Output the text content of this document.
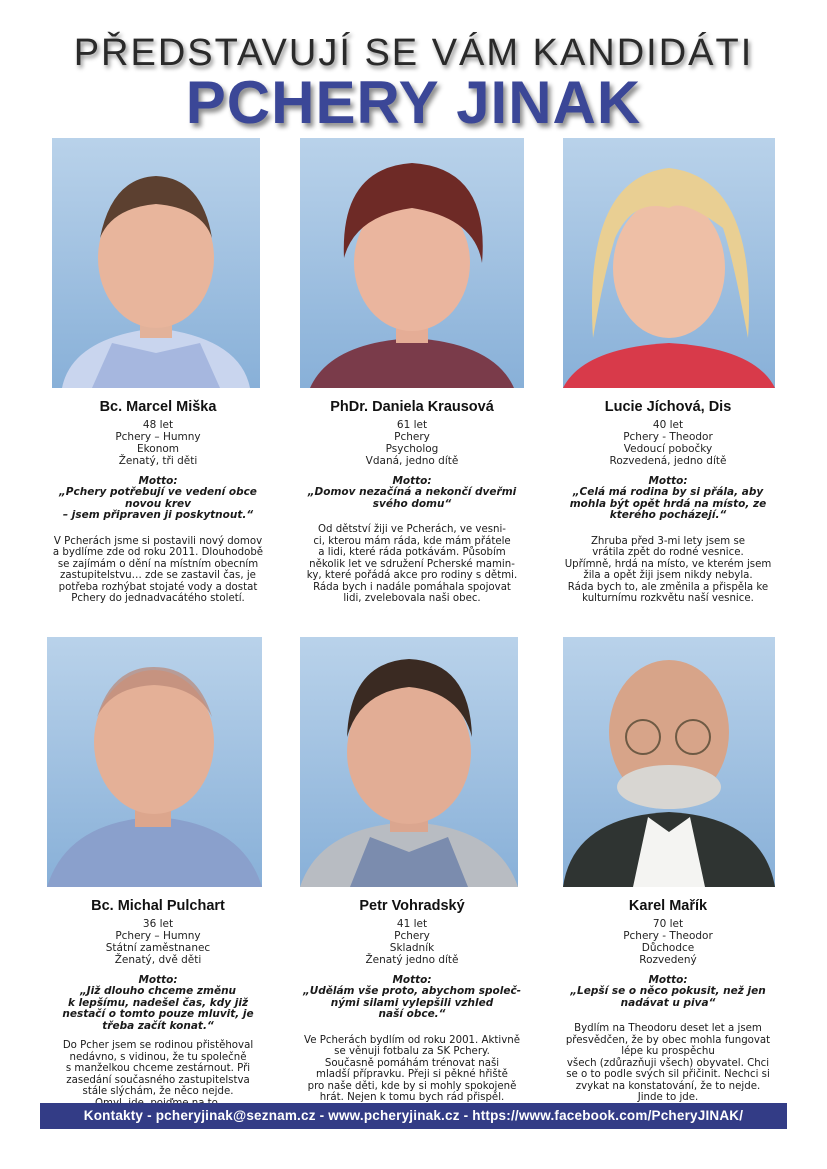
PŘEDSTAVUJÍ SE VÁM KANDIDÁTI
PCHERY JINAK
Bc. Marcel Miška
48 let
Pchery – Humny
Ekonom
Ženatý, tři děti
Motto:
„Pchery potřebují ve vedení obce
novou krev
– jsem připraven ji poskytnout.“
V Pcherách jsme si postavili nový domov
a bydlíme zde od roku 2011. Dlouhodobě
se zajímám o dění na místním obecním
zastupitelstvu… zde se zastavil čas, je
potřeba rozhýbat stojaté vody a dostat
Pchery do jednadvacátého století.
PhDr. Daniela Krausová
61 let
Pchery
Psycholog
Vdaná, jedno dítě
Motto:
„Domov nezačíná a nekončí dveřmi
svého domu“
Od dětství žiji ve Pcherách, ve vesni-
ci, kterou mám ráda, kde mám přátele
a lidi, které ráda potkávám. Působím
několik let ve sdružení Pcherské mamin-
ky, které pořádá akce pro rodiny s dětmi.
Ráda bych i nadále pomáhala spojovat
lidi, zvelebovala naši obec.
Lucie Jíchová, Dis
40 let
Pchery - Theodor
Vedoucí pobočky
Rozvedená, jedno dítě
Motto:
„Celá má rodina by si přála, aby
mohla být opět hrdá na místo, ze
kterého pocházejí.“
Zhruba před 3-mi lety jsem se
vrátila zpět do rodné vesnice.
Upřímně, hrdá na místo, ve kterém jsem
žila a opět žiji jsem nikdy nebyla.
Ráda bych to, ale změnila a přispěla ke
kulturnímu rozkvětu naší vesnice.
Bc. Michal Pulchart
36 let
Pchery – Humny
Státní zaměstnanec
Ženatý, dvě děti
Motto:
„Již dlouho chceme změnu
k lepšímu, nadešel čas, kdy již
nestačí o tomto pouze mluvit, je
třeba začít konat.“
Do Pcher jsem se rodinou přistěhoval
nedávno, s vidinou, že tu společně
s manželkou chceme zestárnout. Při
zasedání současného zastupitelstva
stále slýchám, že něco nejde.
Petr Vohradský
41 let
Pchery
Skladník
Ženatý jedno dítě
Motto:
„Udělám vše proto, abychom společ-
nými silami vylepšili vzhled
naší obce.“
Ve Pcherách bydlím od roku 2001. Aktivně
se věnuji fotbalu za SK Pchery.
Současně pomáhám trénovat naši
mladší přípravku. Přeji si pěkné hřiště
pro naše děti, kde by si mohly spokojeně
hrát. Nejen k tomu bych rád přispěl.
Karel Mařík
70 let
Pchery - Theodor
Důchodce
Rozvedený
Motto:
„Lepší se o něco pokusit, než jen
nadávat u piva“
Bydlím na Theodoru deset let a jsem
přesvědčen, že by obec mohla fungovat
lépe ku prospěchu
všech (zdůrazňuji všech) obyvatel. Chci
se o to podle svých sil přičinit. Nechci si
zvykat na konstatování, že to nejde.
Jinde to jde.
Kontakty - pcheryjinak@seznam.cz - www.pcheryjinak.cz - https://www.facebook.com/PcheryJINAK/
